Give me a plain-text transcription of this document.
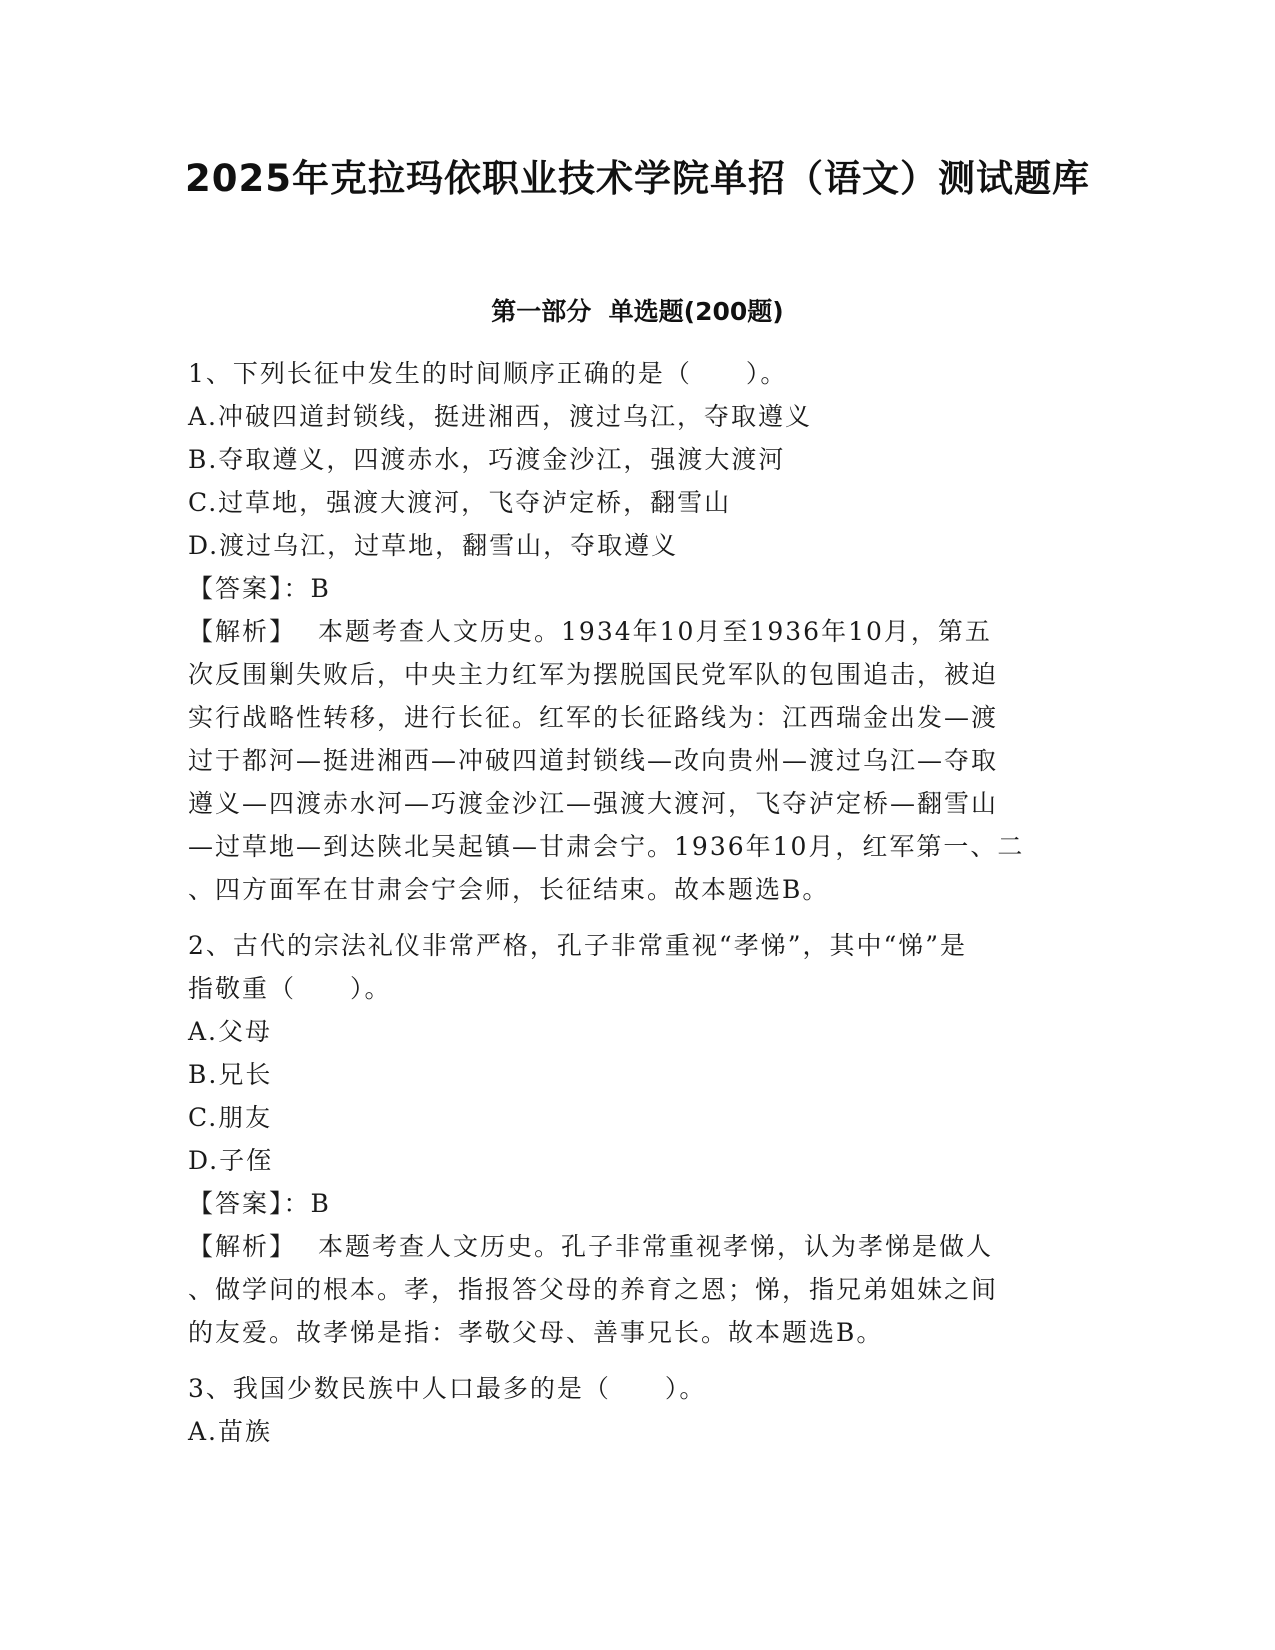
2025年克拉玛依职业技术学院单招（语文）测试题库
第一部分  单选题(200题)
1、下列长征中发生的时间顺序正确的是（　　）。
A.冲破四道封锁线，挺进湘西，渡过乌江，夺取遵义
B.夺取遵义，四渡赤水，巧渡金沙江，强渡大渡河
C.过草地，强渡大渡河，飞夺泸定桥，翻雪山
D.渡过乌江，过草地，翻雪山，夺取遵义
【答案】：B
【解析】 本题考查人文历史。1934年10月至1936年10月，第五
次反围剿失败后，中央主力红军为摆脱国民党军队的包围追击，被迫
实行战略性转移，进行长征。红军的长征路线为：江西瑞金出发—渡
过于都河—挺进湘西—冲破四道封锁线—改向贵州—渡过乌江—夺取
遵义—四渡赤水河—巧渡金沙江—强渡大渡河，飞夺泸定桥—翻雪山
—过草地—到达陕北吴起镇—甘肃会宁。1936年10月，红军第一、二
、四方面军在甘肃会宁会师，长征结束。故本题选B。
2、古代的宗法礼仪非常严格，孔子非常重视“孝悌”，其中“悌”是
指敬重（　　）。
A.父母
B.兄长
C.朋友
D.子侄
【答案】：B
【解析】 本题考查人文历史。孔子非常重视孝悌，认为孝悌是做人
、做学问的根本。孝，指报答父母的养育之恩；悌，指兄弟姐妹之间
的友爱。故孝悌是指：孝敬父母、善事兄长。故本题选B。
3、我国少数民族中人口最多的是（　　）。
A.苗族
